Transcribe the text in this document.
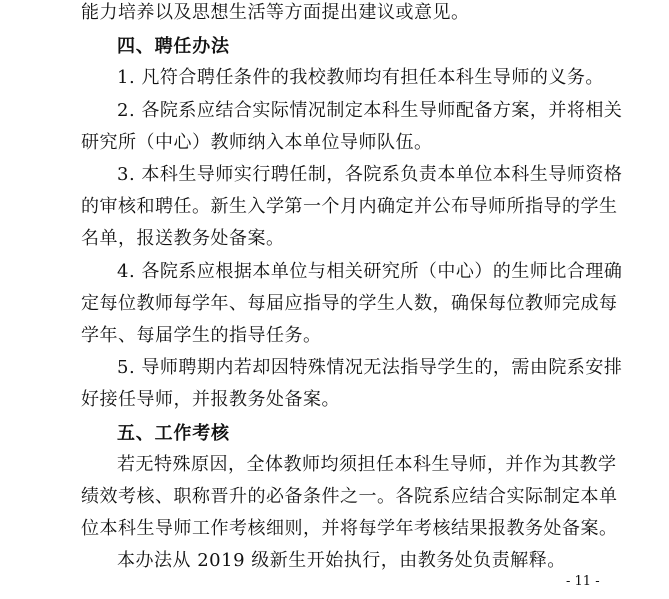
能力培养以及思想生活等方面提出建议或意见。
四、聘任办法
1. 凡符合聘任条件的我校教师均有担任本科生导师的义务。
2. 各院系应结合实际情况制定本科生导师配备方案，并将相关
研究所（中心）教师纳入本单位导师队伍。
3. 本科生导师实行聘任制，各院系负责本单位本科生导师资格
的审核和聘任。新生入学第一个月内确定并公布导师所指导的学生
名单，报送教务处备案。
4. 各院系应根据本单位与相关研究所（中心）的生师比合理确
定每位教师每学年、每届应指导的学生人数，确保每位教师完成每
学年、每届学生的指导任务。
5. 导师聘期内若却因特殊情况无法指导学生的，需由院系安排
好接任导师，并报教务处备案。
五、工作考核
若无特殊原因，全体教师均须担任本科生导师，并作为其教学
绩效考核、职称晋升的必备条件之一。各院系应结合实际制定本单
位本科生导师工作考核细则，并将每学年考核结果报教务处备案。
本办法从 2019 级新生开始执行，由教务处负责解释。
- 11 -
